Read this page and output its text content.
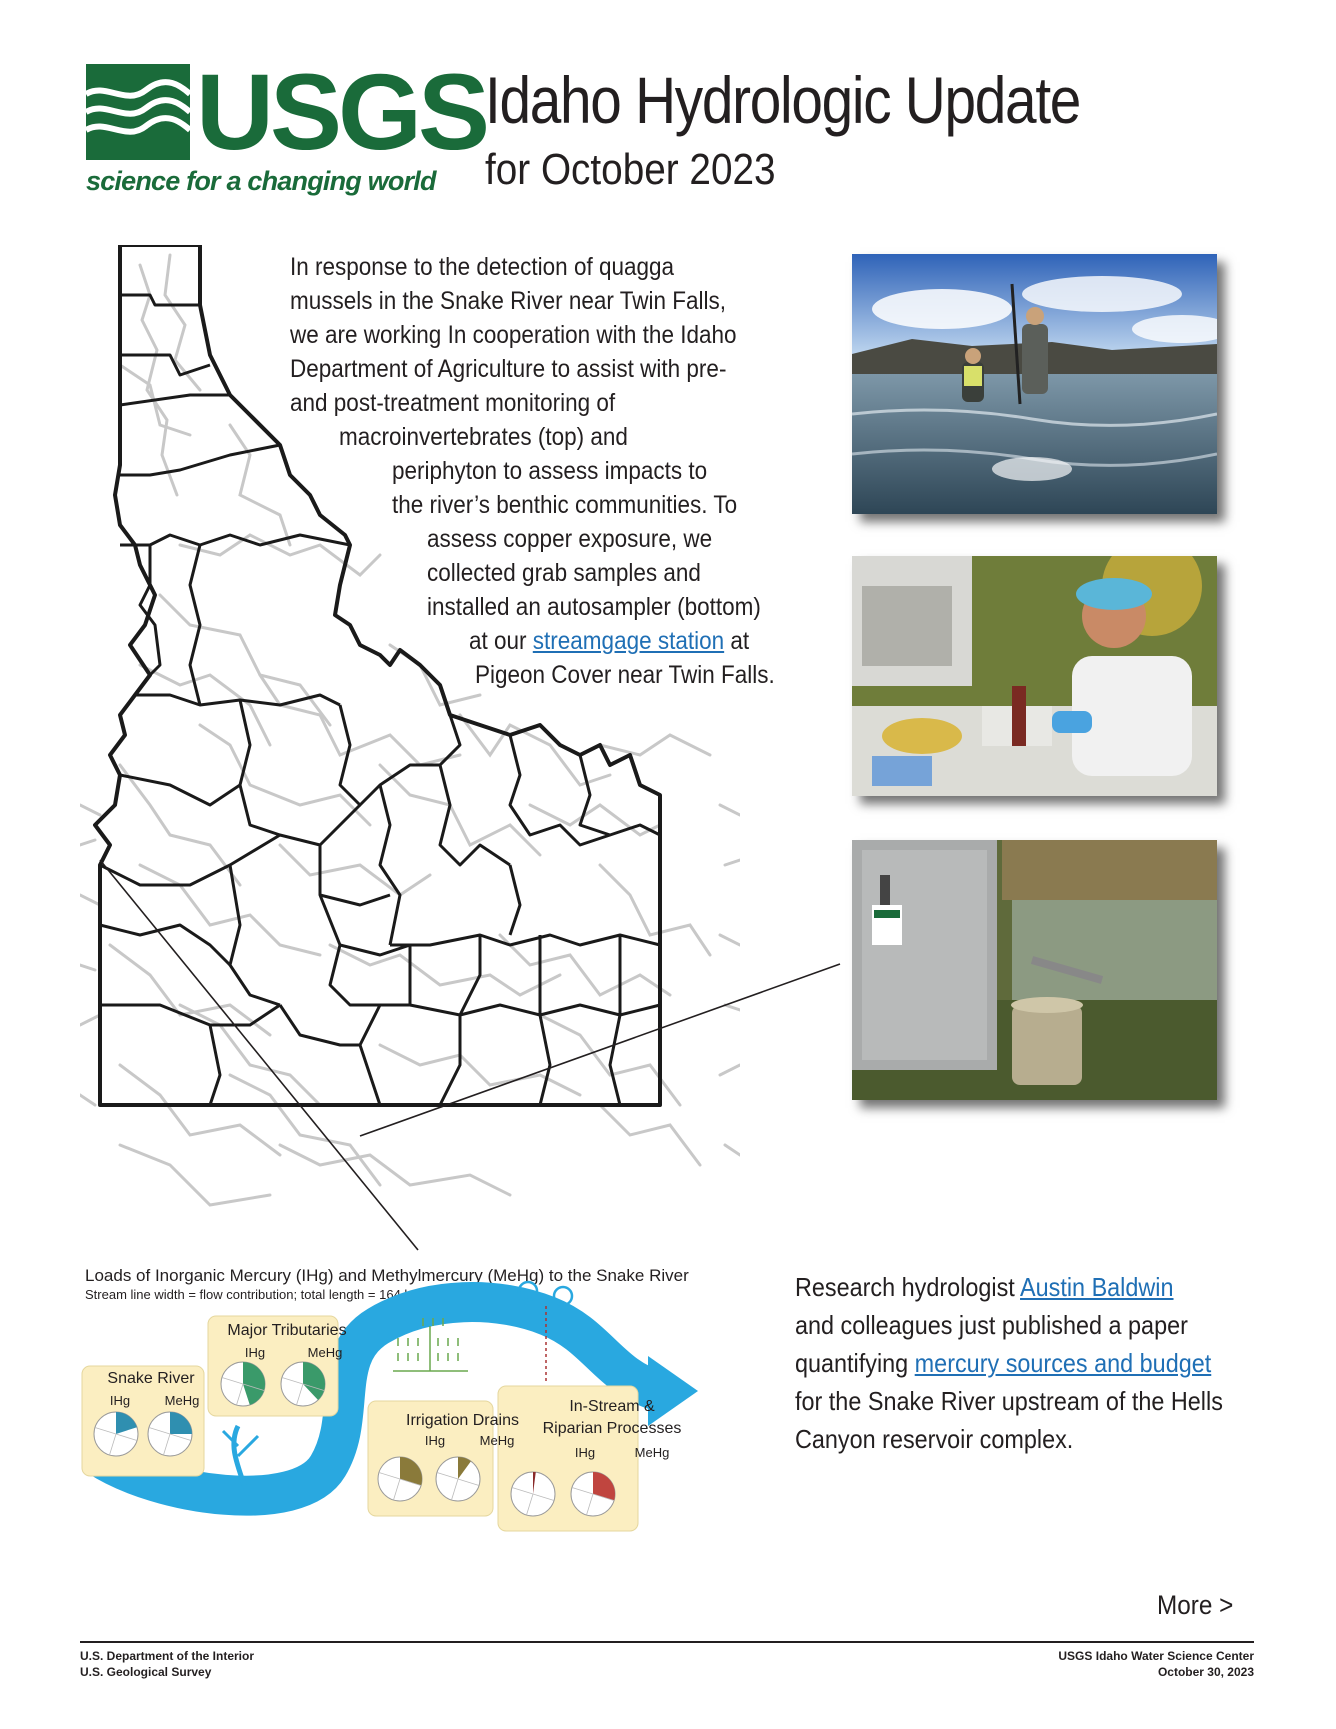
USGS
science for a changing world
Idaho Hydrologic Update
for October 2023
In response to the detection of quagga
mussels in the Snake River near Twin Falls,
we are working In cooperation with the Idaho
Department of Agriculture to assist with pre-
and post-treatment monitoring of
macroinvertebrates (top) and
periphyton to assess impacts to
the river’s benthic communities. To
assess copper exposure, we
collected grab samples and
installed an autosampler (bottom)
at our streamgage station at
Pigeon Cover near Twin Falls.
Loads of Inorganic Mercury (IHg) and Methylmercury (MeHg) to the Snake River
Stream line width = flow contribution; total length = 164 km
Snake River
IHg	MeHg
Major Tributaries
IHg	MeHg
Irrigation Drains
IHg	MeHg
In-Stream &
Riparian Processes
IHg	MeHg
Research hydrologist Austin Baldwin
and colleagues just published a paper
quantifying mercury sources and budget
for the Snake River upstream of the Hells
Canyon reservoir complex.
More >
U.S. Department of the Interior
U.S. Geological Survey
USGS Idaho Water Science Center
October 30, 2023
